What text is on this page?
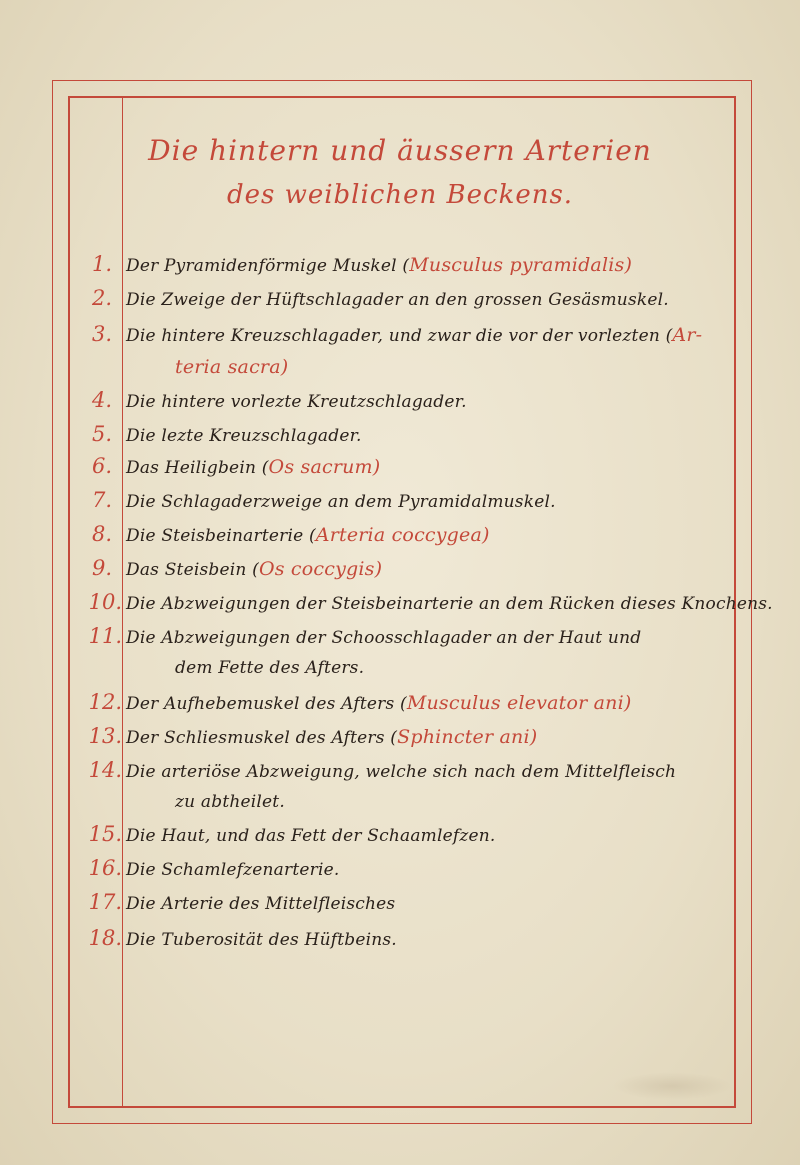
Die hintern und äussern Arterien
des weiblichen Beckens.
1. Der Pyramidenförmige Muskel (Musculus pyramidalis)
2. Die Zweige der Hüftschlagader an den grossen Gesäsmuskel.
3. Die hintere Kreuzschlagader, und zwar die vor der vorlezten (Ar-
teria sacra)
4. Die hintere vorlezte Kreutzschlagader.
5. Die lezte Kreuzschlagader.
6. Das Heiligbein (Os sacrum)
7. Die Schlagaderzweige an dem Pyramidalmuskel.
8. Die Steisbeinarterie (Arteria coccygea)
9. Das Steisbein (Os coccygis)
10. Die Abzweigungen der Steisbeinarterie an dem Rücken dieses Knochens.
11. Die Abzweigungen der Schoosschlagader an der Haut und
dem Fette des Afters.
12. Der Aufhebemuskel des Afters (Musculus elevator ani)
13. Der Schliesmuskel des Afters (Sphincter ani)
14. Die arteriöse Abzweigung, welche sich nach dem Mittelfleisch
zu abtheilet.
15. Die Haut, und das Fett der Schaamlefzen.
16. Die Schamlefzenarterie.
17. Die Arterie des Mittelfleisches
18. Die Tuberosität des Hüftbeins.
